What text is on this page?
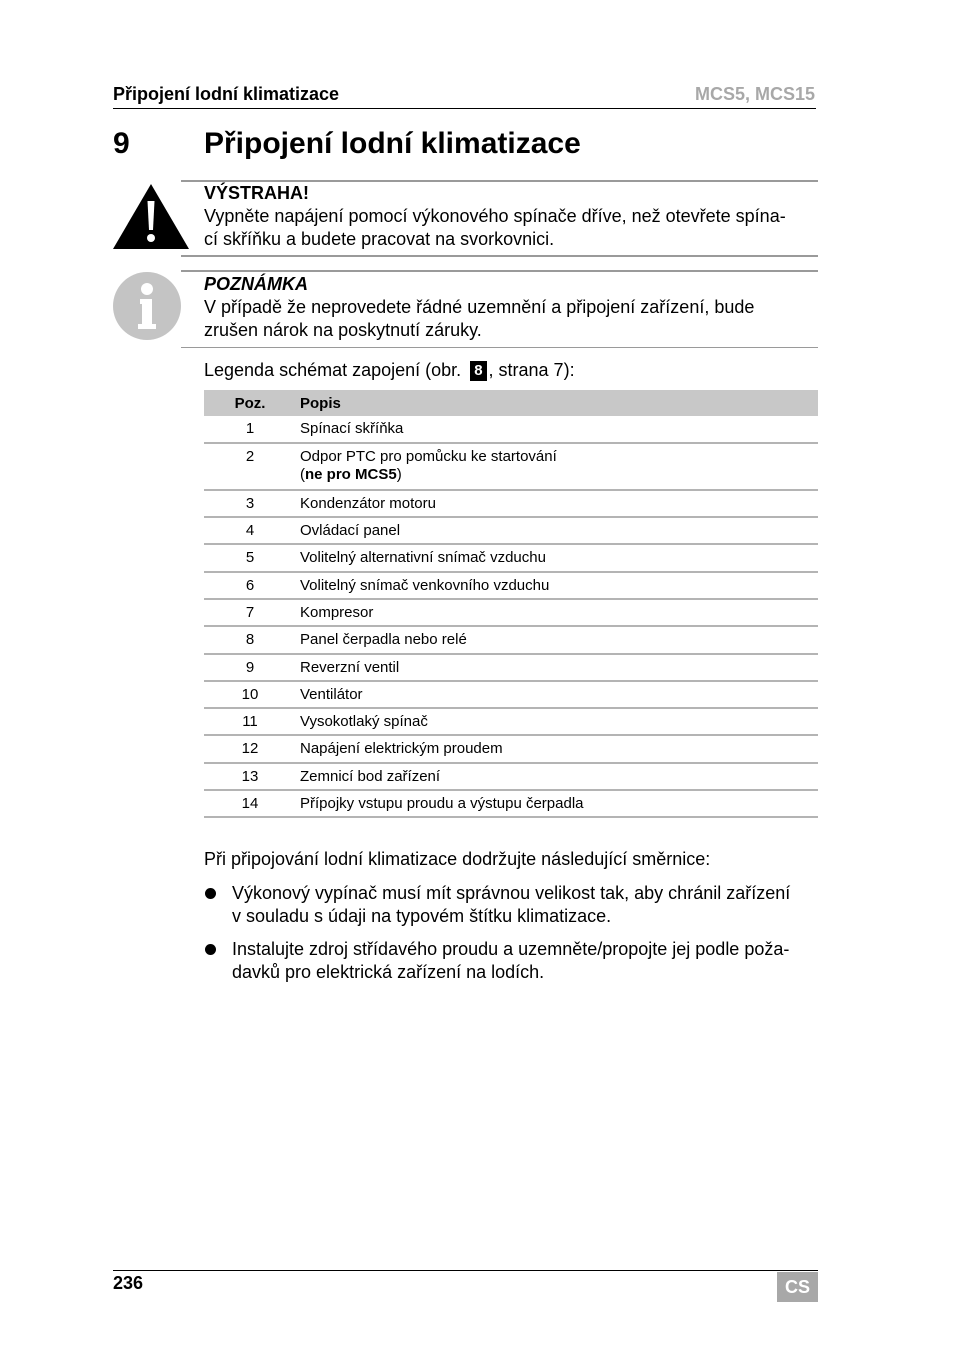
Připojení lodní klimatizace	MCS5, MCS15
9 Připojení lodní klimatizace
VÝSTRAHA!
Vypněte napájení pomocí výkonového spínače dříve, než otevřete spína-
cí skříňku a budete pracovat na svorkovnici.
POZNÁMKA
V případě že neprovedete řádné uzemnění a připojení zařízení, bude
zrušen nárok na poskytnutí záruky.
Legenda schémat zapojení (obr. 8 , strana 7):
Poz.	Popis
1	Spínací skříňka
2	Odpor PTC pro pomůcku ke startování
(ne pro MCS5)
3	Kondenzátor motoru
4	Ovládací panel
5	Volitelný alternativní snímač vzduchu
6	Volitelný snímač venkovního vzduchu
7	Kompresor
8	Panel čerpadla nebo relé
9	Reverzní ventil
10	Ventilátor
11	Vysokotlaký spínač
12	Napájení elektrickým proudem
13	Zemnicí bod zařízení
14	Přípojky vstupu proudu a výstupu čerpadla
Při připojování lodní klimatizace dodržujte následující směrnice:
Výkonový vypínač musí mít správnou velikost tak, aby chránil zařízení
v souladu s údaji na typovém štítku klimatizace.
Instalujte zdroj střídavého proudu a uzemněte/propojte jej podle poža-
davků pro elektrická zařízení na lodích.
236	CS
